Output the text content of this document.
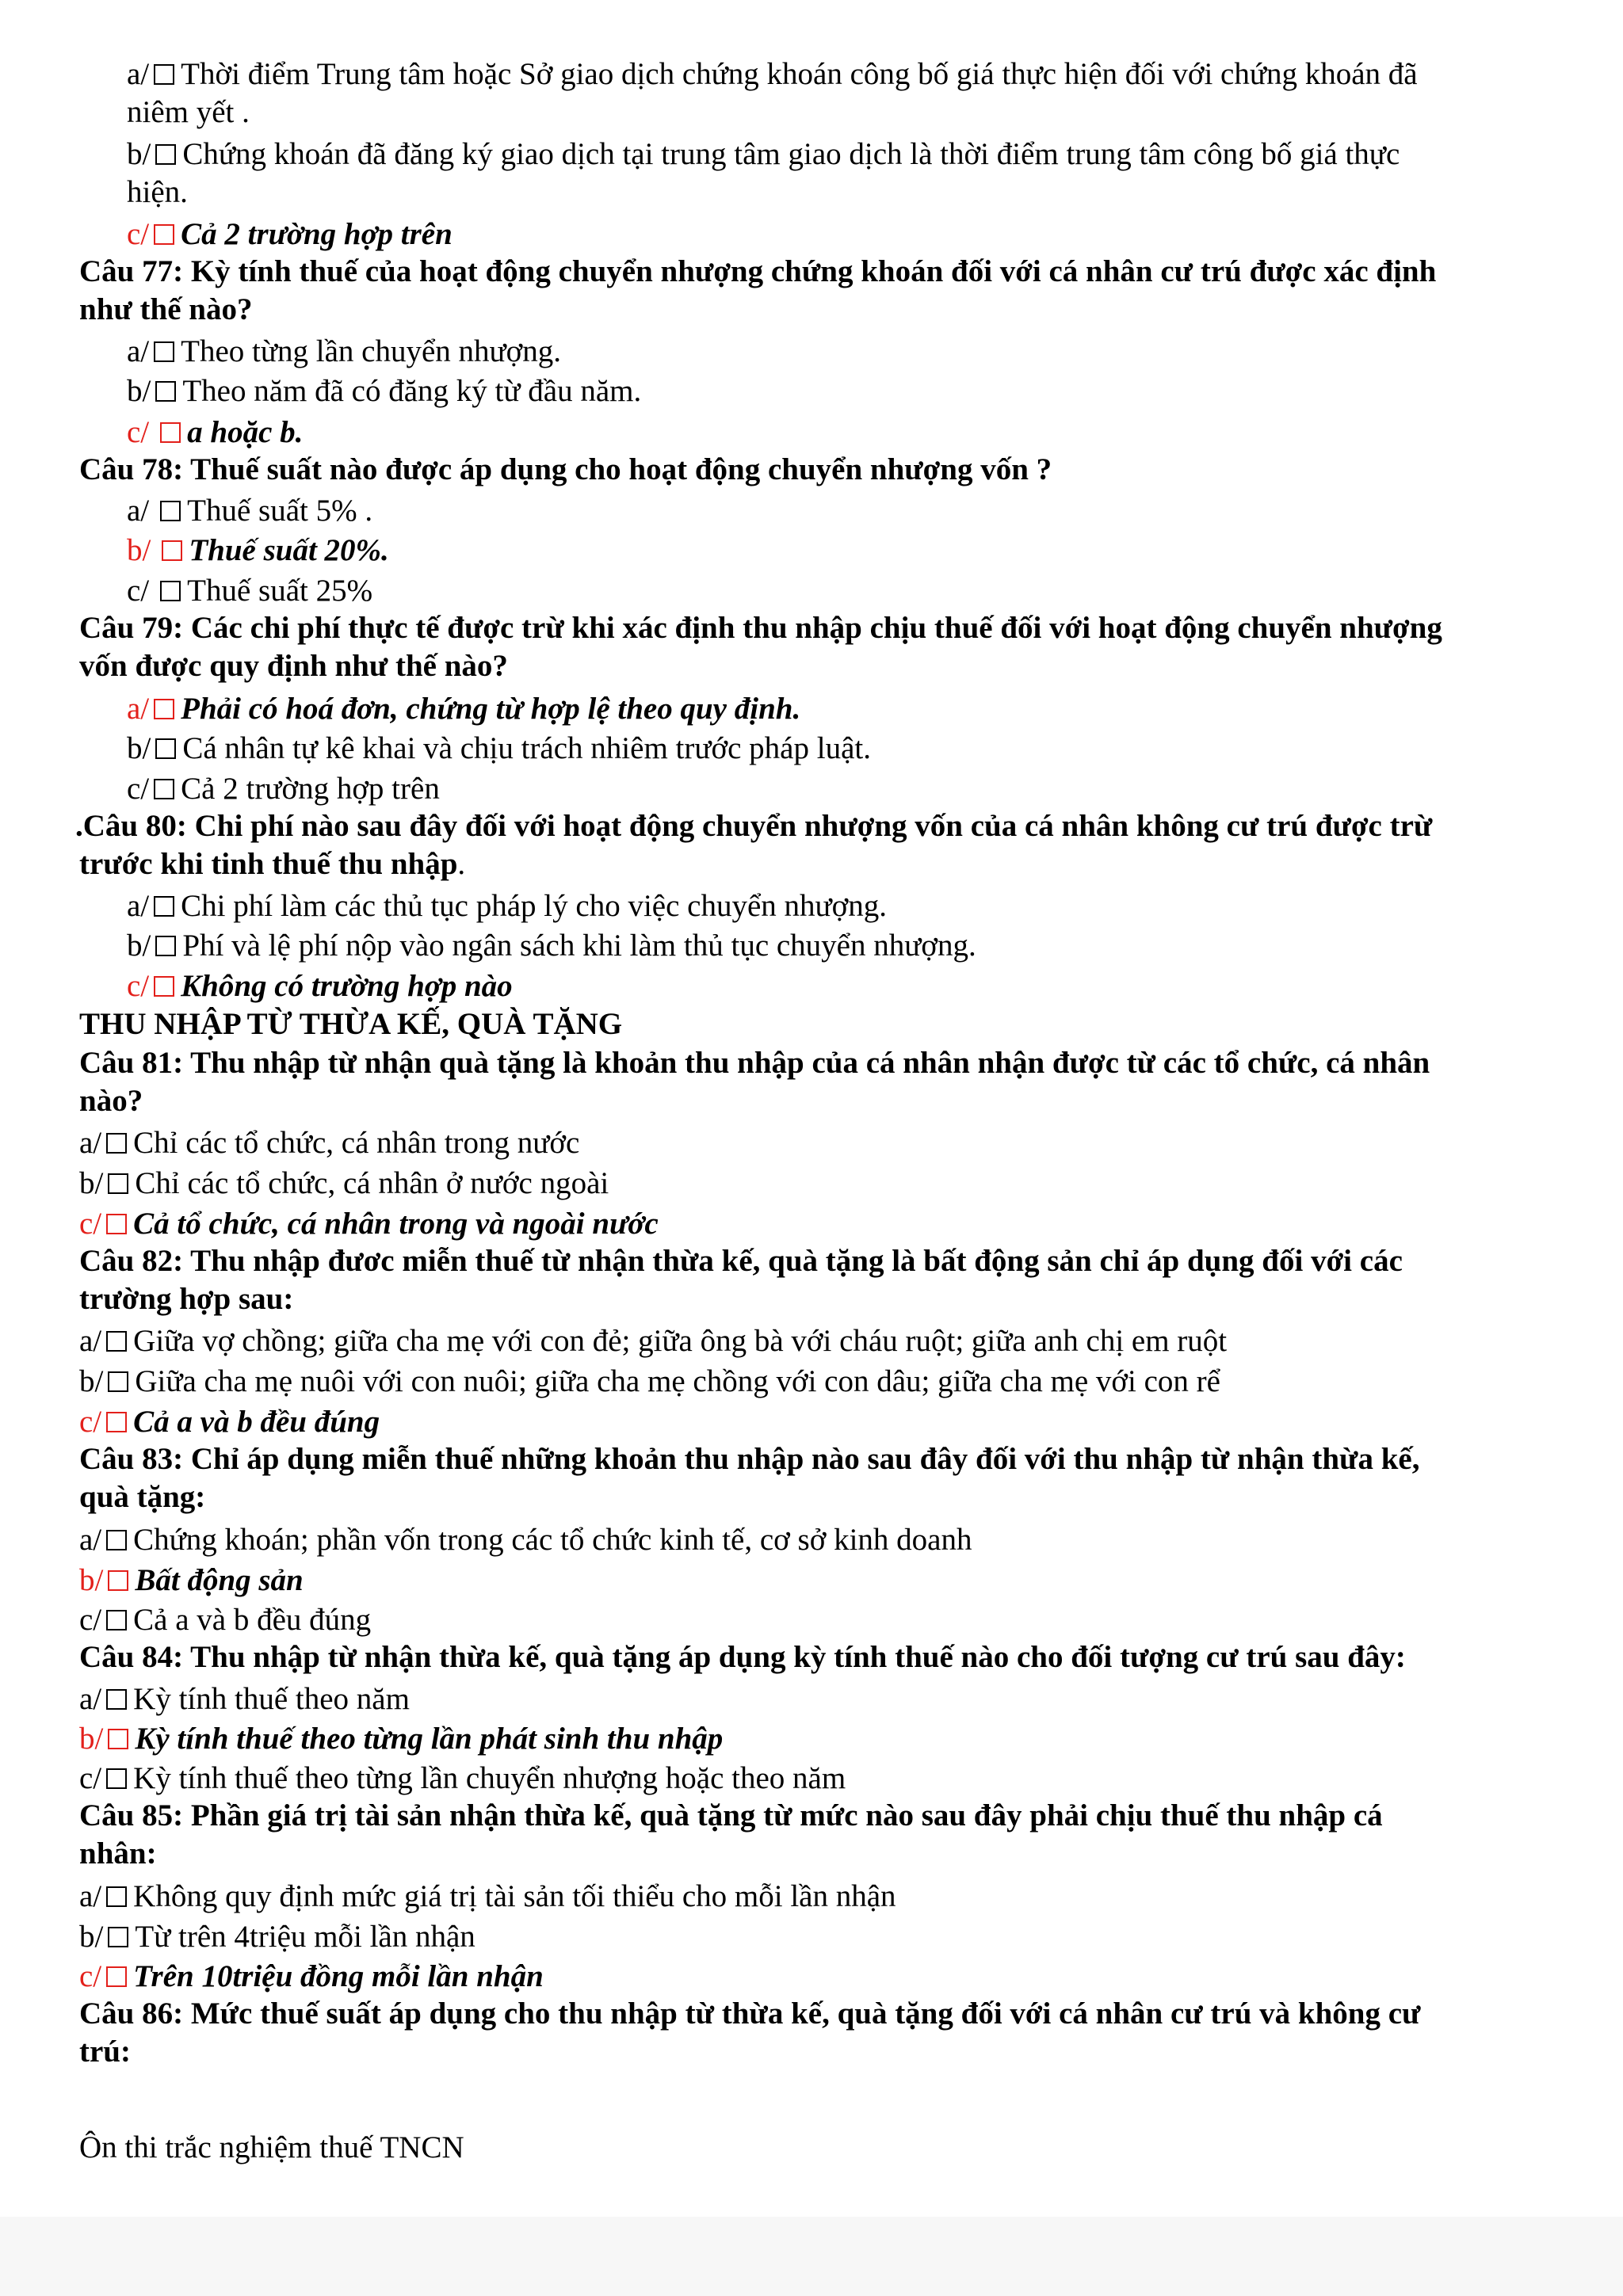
a/ Thời điểm Trung tâm hoặc Sở giao dịch chứng khoán công bố giá thực hiện đối với chứng khoán đã
niêm yết .
b/ Chứng khoán đã đăng ký giao dịch tại trung tâm giao dịch là thời điểm trung tâm công bố giá thực
hiện.
c/ Cả 2 trường hợp trên
Câu 77: Kỳ tính thuế của hoạt động chuyển nhượng chứng khoán đối với cá nhân cư trú được xác định
như thế nào?
a/ Theo từng lần chuyển nhượng.
b/ Theo năm đã có đăng ký từ đầu năm.
c/ a hoặc b.
Câu 78: Thuế suất nào được áp dụng cho hoạt động chuyển nhượng vốn ?
a/ Thuế suất 5% .
b/ Thuế suất 20%.
c/ Thuế suất 25%
Câu 79: Các chi phí thực tế được trừ khi xác định thu nhập chịu thuế đối với hoạt động chuyển nhượng
vốn được quy định như thế nào?
a/ Phải có hoá đơn, chứng từ hợp lệ theo quy định.
b/ Cá nhân tự kê khai và chịu trách nhiêm trước pháp luật.
c/ Cả 2 trường hợp trên
.Câu 80: Chi phí nào sau đây đối với hoạt động chuyển nhượng vốn của cá nhân không cư trú được trừ
trước khi tinh thuế thu nhập.
a/ Chi phí làm các thủ tục pháp lý cho việc chuyển nhượng.
b/ Phí và lệ phí nộp vào ngân sách khi làm thủ tục chuyển nhượng.
c/ Không có trường hợp nào
THU NHẬP TỪ THỪA KẾ, QUÀ TẶNG
Câu 81: Thu nhập từ nhận quà tặng là khoản thu nhập của cá nhân nhận được từ các tổ chức, cá nhân
nào?
a/ Chỉ các tổ chức, cá nhân trong nước
b/ Chỉ các tổ chức, cá nhân ở nước ngoài
c/ Cả tổ chức, cá nhân trong và ngoài nước
Câu 82: Thu nhập đươc miễn thuế từ nhận thừa kế, quà tặng là bất động sản chỉ áp dụng đối với các
trường hợp sau:
a/ Giữa vợ chồng; giữa cha mẹ với con đẻ; giữa ông bà với cháu ruột; giữa anh chị em ruột
b/ Giữa cha mẹ nuôi với con nuôi; giữa cha mẹ chồng với con dâu; giữa cha mẹ với con rể
c/ Cả a và b đều đúng
Câu 83: Chỉ áp dụng miễn thuế những khoản thu nhập nào sau đây đối với thu nhập từ nhận thừa kế,
quà tặng:
a/ Chứng khoán; phần vốn trong các tổ chức kinh tế, cơ sở kinh doanh
b/ Bất động sản
c/ Cả a và b đều đúng
Câu 84: Thu nhập từ nhận thừa kế, quà tặng áp dụng kỳ tính thuế nào cho đối tượng cư trú sau đây:
a/ Kỳ tính thuế theo năm
b/ Kỳ tính thuế theo từng lần phát sinh thu nhập
c/ Kỳ tính thuế theo từng lần chuyển nhượng hoặc theo năm
Câu 85: Phần giá trị tài sản nhận thừa kế, quà tặng từ mức nào sau đây phải chịu thuế thu nhập cá
nhân:
a/ Không quy định mức giá trị tài sản tối thiểu cho mỗi lần nhận
b/ Từ trên 4triệu mỗi lần nhận
c/ Trên 10triệu đồng mỗi lần nhận
Câu 86: Mức thuế suất áp dụng cho thu nhập từ thừa kế, quà tặng đối với cá nhân cư trú và không cư
trú:
Ôn thi trắc nghiệm thuế TNCN
